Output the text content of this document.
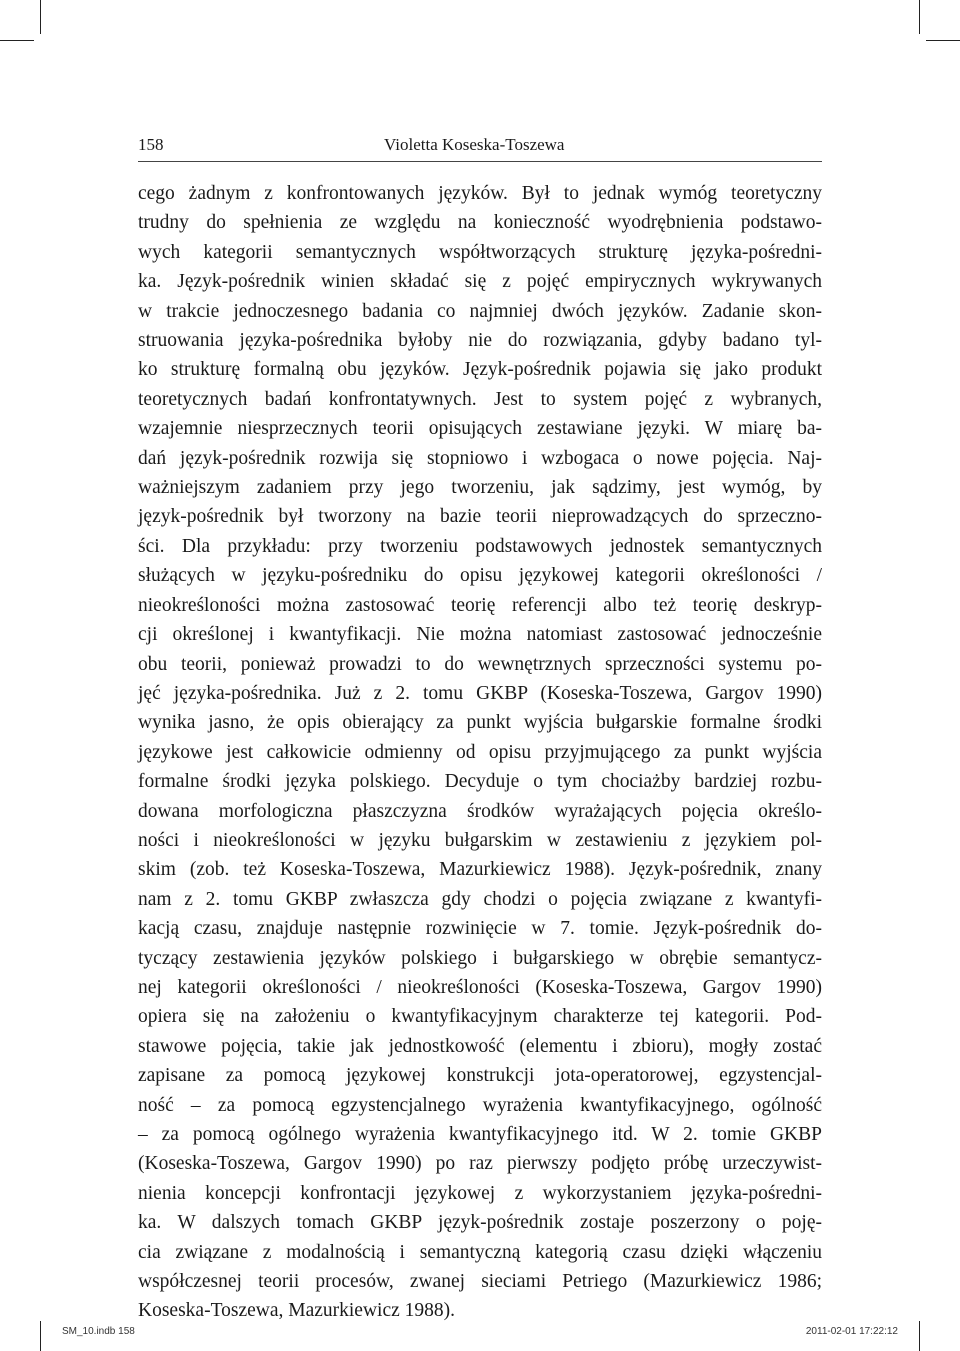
158	Violetta Koseska-Toszewa
cego żadnym z konfrontowanych języków. Był to jednak wymóg teoretyczny
trudny do spełnienia ze względu na konieczność wyodrębnienia podstawo-
wych kategorii semantycznych współtworzących strukturę języka-pośredni-
ka. Język-pośrednik winien składać się z pojęć empirycznych wykrywanych
w trakcie jednoczesnego badania co najmniej dwóch języków. Zadanie skon-
struowania języka-pośrednika byłoby nie do rozwiązania, gdyby badano tyl-
ko strukturę formalną obu języków. Język-pośrednik pojawia się jako produkt
teoretycznych badań konfrontatywnych. Jest to system pojęć z wybranych,
wzajemnie niesprzecznych teorii opisujących zestawiane języki. W miarę ba-
dań język-pośrednik rozwija się stopniowo i wzbogaca o nowe pojęcia. Naj-
ważniejszym zadaniem przy jego tworzeniu, jak sądzimy, jest wymóg, by
język-pośrednik był tworzony na bazie teorii nieprowadzących do sprzeczno-
ści. Dla przykładu: przy tworzeniu podstawowych jednostek semantycznych
służących w języku-pośredniku do opisu językowej kategorii określoności /
nieokreśloności można zastosować teorię referencji albo też teorię deskryp-
cji określonej i kwantyfikacji. Nie można natomiast zastosować jednocześnie
obu teorii, ponieważ prowadzi to do wewnętrznych sprzeczności systemu po-
jęć języka-pośrednika. Już z 2. tomu GKBP (Koseska-Toszewa, Gargov 1990)
wynika jasno, że opis obierający za punkt wyjścia bułgarskie formalne środki
językowe jest całkowicie odmienny od opisu przyjmującego za punkt wyjścia
formalne środki języka polskiego. Decyduje o tym chociażby bardziej rozbu-
dowana morfologiczna płaszczyzna środków wyrażających pojęcia określo-
ności i nieokreśloności w języku bułgarskim w zestawieniu z językiem pol-
skim (zob. też Koseska-Toszewa, Mazurkiewicz 1988). Język-pośrednik, znany
nam z 2. tomu GKBP zwłaszcza gdy chodzi o pojęcia związane z kwantyfi-
kacją czasu, znajduje następnie rozwinięcie w 7. tomie. Język-pośrednik do-
tyczący zestawienia języków polskiego i bułgarskiego w obrębie semantycz-
nej kategorii określoności / nieokreśloności (Koseska-Toszewa, Gargov 1990)
opiera się na założeniu o kwantyfikacyjnym charakterze tej kategorii. Pod-
stawowe pojęcia, takie jak jednostkowość (elementu i zbioru), mogły zostać
zapisane za pomocą językowej konstrukcji jota-operatorowej, egzystencjal-
ność – za pomocą egzystencjalnego wyrażenia kwantyfikacyjnego, ogólność
– za pomocą ogólnego wyrażenia kwantyfikacyjnego itd. W 2. tomie GKBP
(Koseska-Toszewa, Gargov 1990) po raz pierwszy podjęto próbę urzeczywist-
nienia koncepcji konfrontacji językowej z wykorzystaniem języka-pośredni-
ka. W dalszych tomach GKBP język-pośrednik zostaje poszerzony o poję-
cia związane z modalnością i semantyczną kategorią czasu dzięki włączeniu
współczesnej teorii procesów, zwanej sieciami Petriego (Mazurkiewicz 1986;
Koseska-Toszewa, Mazurkiewicz 1988).
SM_10.indb 158	2011-02-01 17:22:12
